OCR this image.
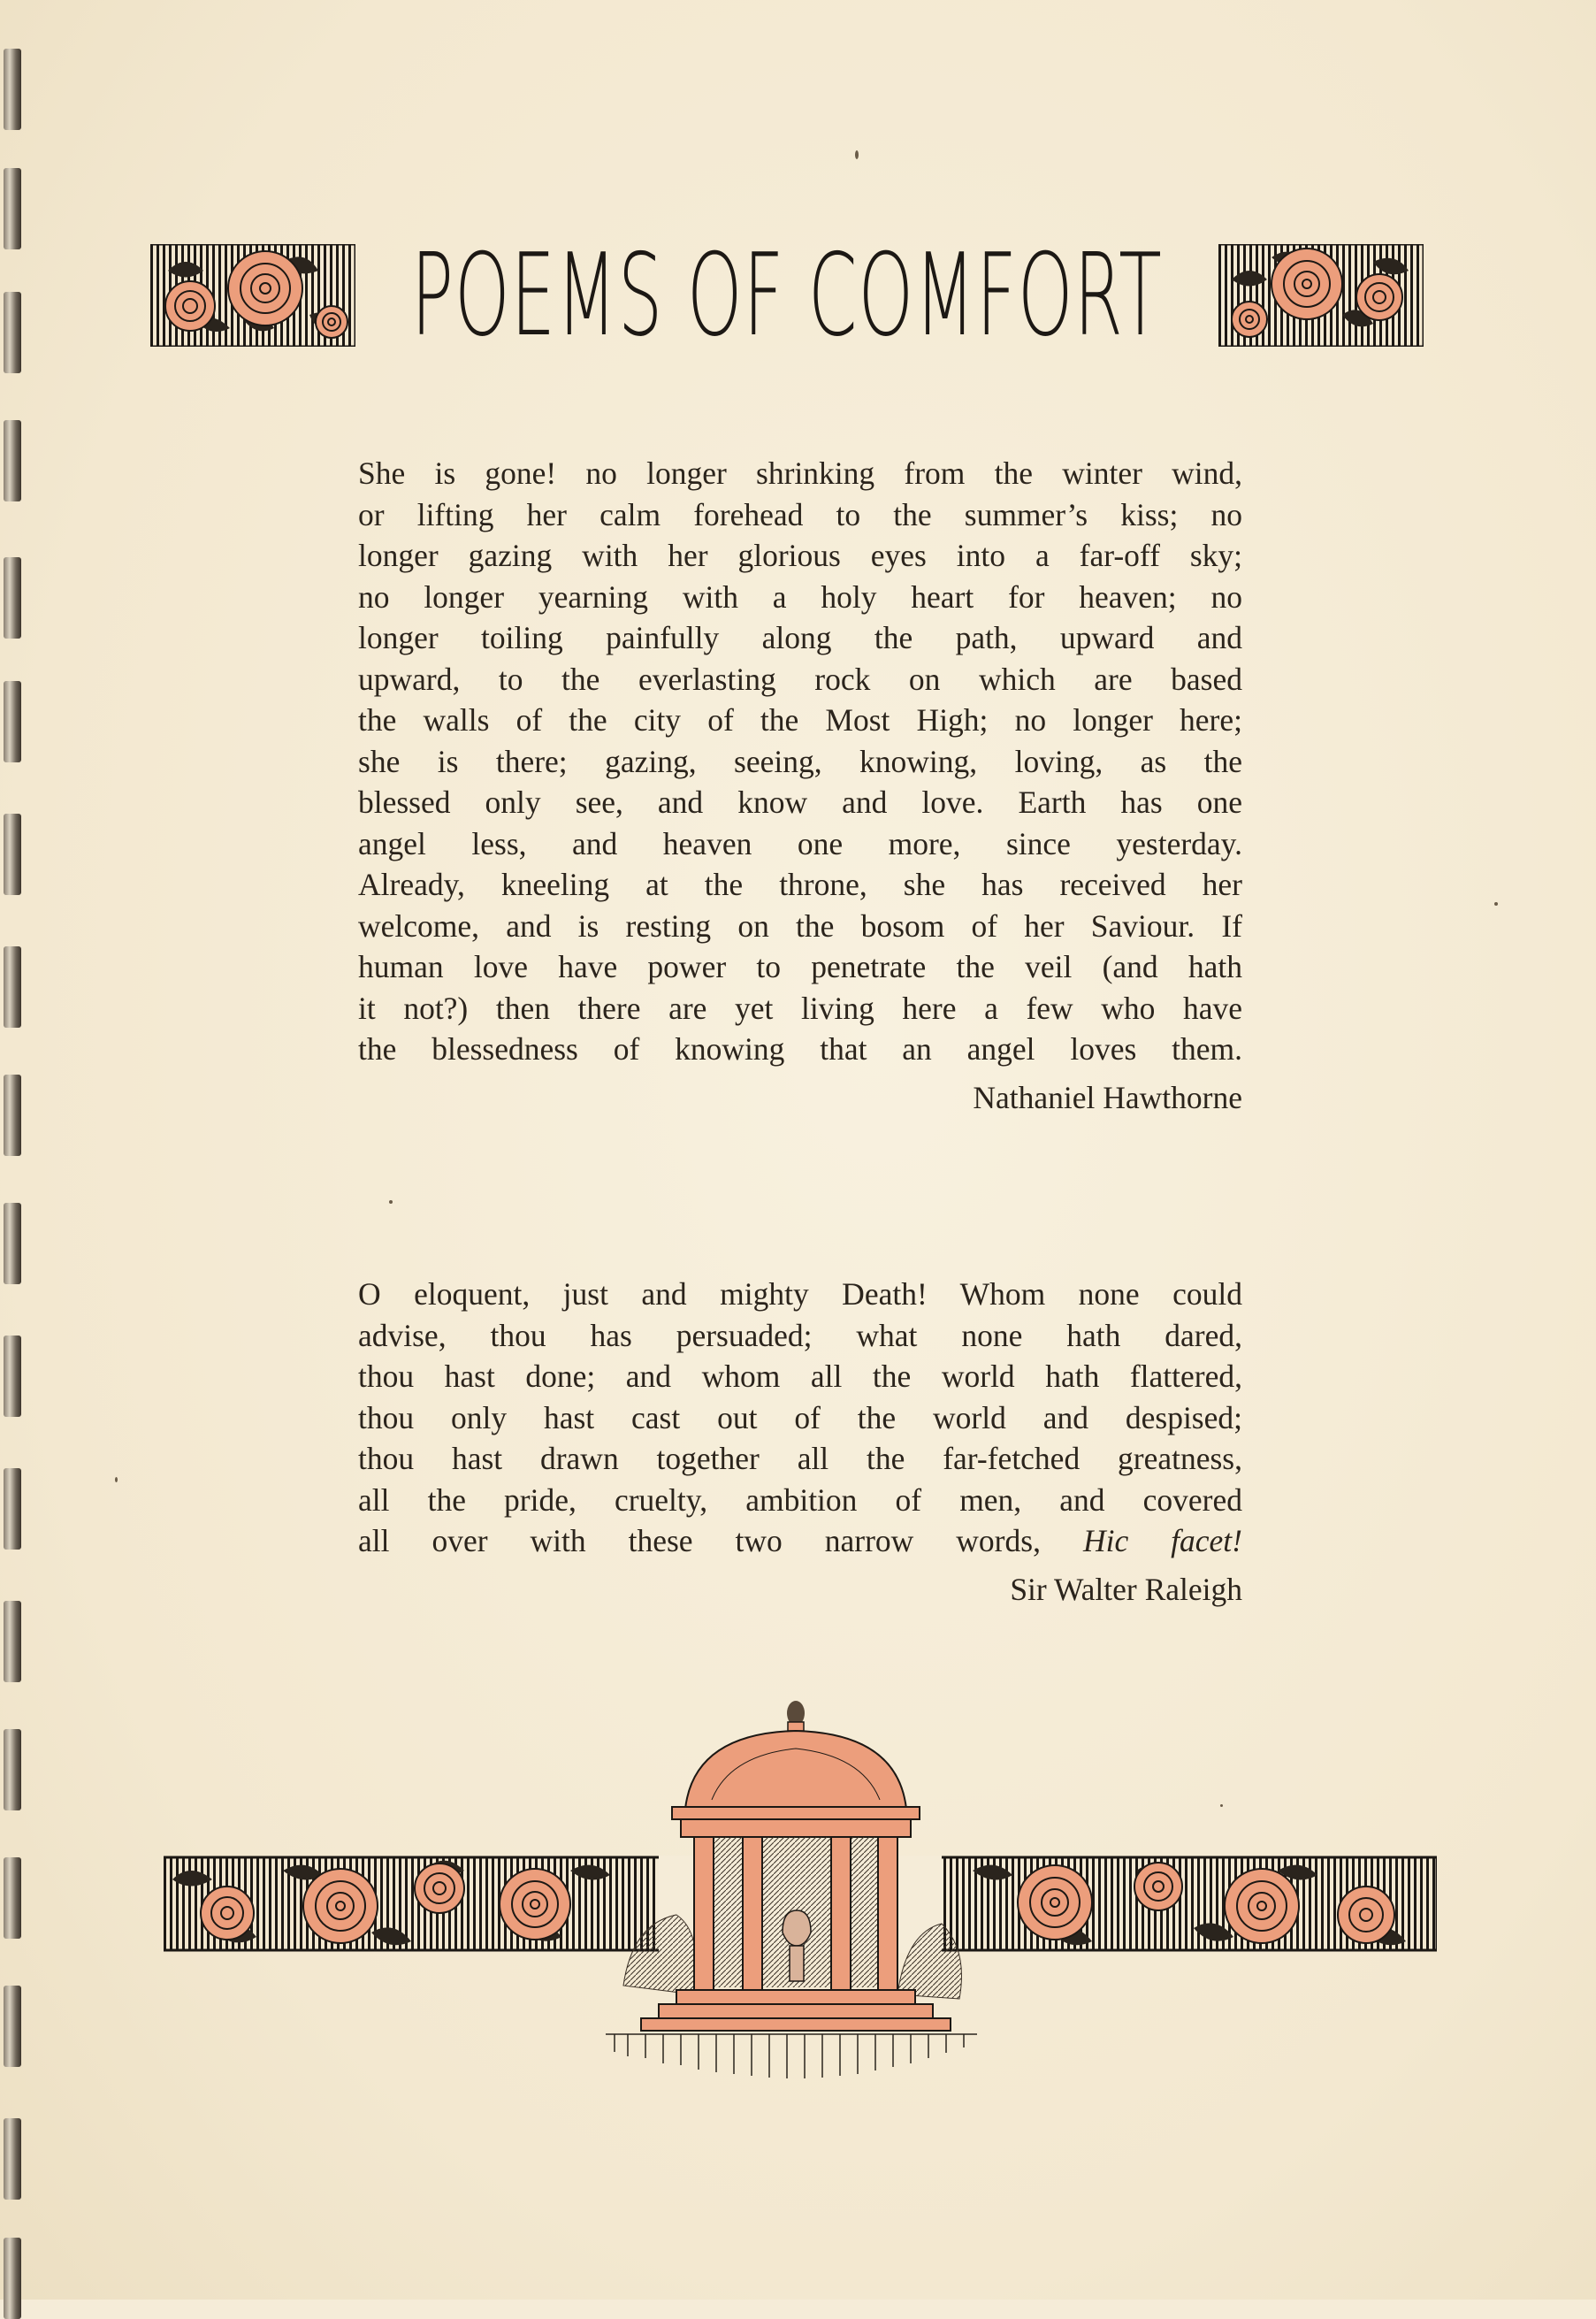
POEMS OF COMFORT
She is gone! no longer shrinking from the winter wind,
or lifting her calm forehead to the summer’s kiss; no
longer gazing with her glorious eyes into a far-off sky;
no longer yearning with a holy heart for heaven; no
longer toiling painfully along the path, upward and
upward, to the everlasting rock on which are based
the walls of the city of the Most High; no longer here;
she is there; gazing, seeing, knowing, loving, as the
blessed only see, and know and love. Earth has one
angel less, and heaven one more, since yesterday.
Already, kneeling at the throne, she has received her
welcome, and is resting on the bosom of her Saviour. If
human love have power to penetrate the veil (and hath
it not?) then there are yet living here a few who have
the blessedness of knowing that an angel loves them.
Nathaniel Hawthorne
O eloquent, just and mighty Death! Whom none could
advise, thou has persuaded; what none hath dared,
thou hast done; and whom all the world hath flattered,
thou only hast cast out of the world and despised;
thou hast drawn together all the far-fetched greatness,
all the pride, cruelty, ambition of men, and covered
all over with these two narrow words, Hic facet!
Sir Walter Raleigh
